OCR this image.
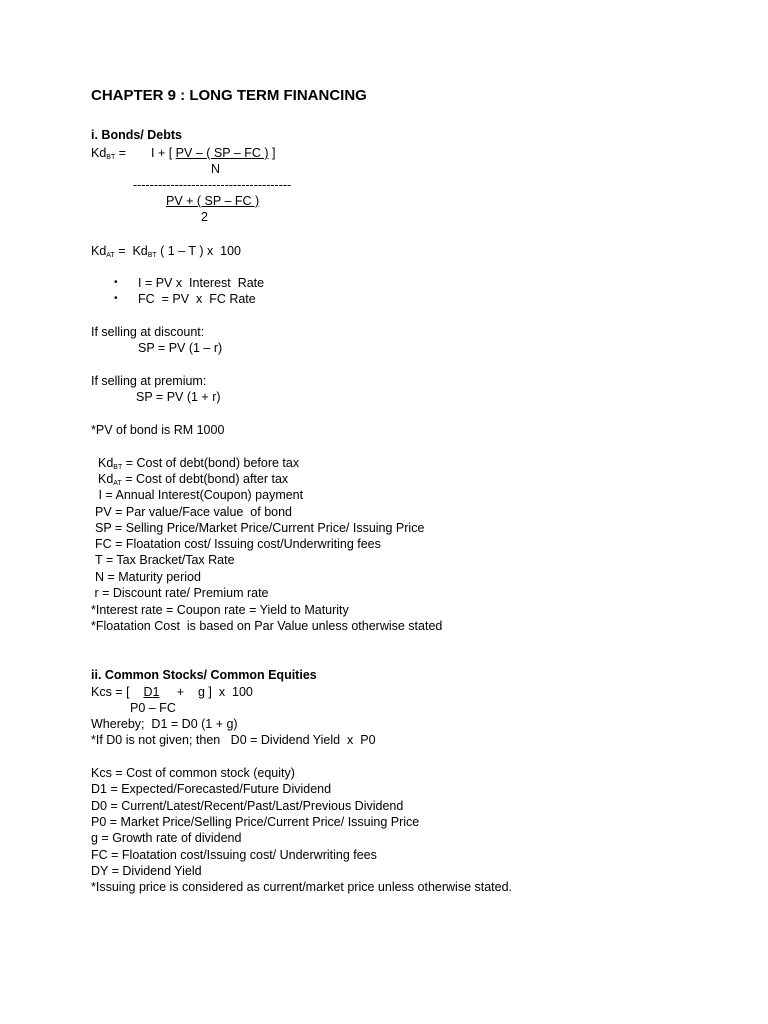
CHAPTER 9 : LONG TERM FINANCING
i. Bonds/ Debts
$Kd_{BT} = I$ + [ PV – ( SP – FC ) ]
N
--------------------------------------
PV + ( SP – FC )
2
$Kd_{AT} = Kd_{BT}$ ( 1 – T ) x  100
• I = PV x  Interest  Rate
• FC  = PV  x  FC Rate
If selling at discount:
SP = PV (1 – r)
If selling at premium:
SP = PV (1 + r)
*PV of bond is RM 1000
$Kd_{BT}$ = Cost of debt(bond) before tax
$Kd_{AT}$ = Cost of debt(bond) after tax
I = Annual Interest(Coupon) payment
PV = Par value/Face value  of bond
SP = Selling Price/Market Price/Current Price/ Issuing Price
FC = Floatation cost/ Issuing cost/Underwriting fees
T = Tax Bracket/Tax Rate
N = Maturity period
r = Discount rate/ Premium rate
*Interest rate = Coupon rate = Yield to Maturity
*Floatation Cost  is based on Par Value unless otherwise stated
ii. Common Stocks/ Common Equities
Kcs = [    D1     +    g ]  x  100
P0 – FC
Whereby;  D1 = D0 (1 + g)
*If D0 is not given; then   D0 = Dividend Yield  x  P0
Kcs = Cost of common stock (equity)
D1 = Expected/Forecasted/Future Dividend
D0 = Current/Latest/Recent/Past/Last/Previous Dividend
P0 = Market Price/Selling Price/Current Price/ Issuing Price
g = Growth rate of dividend
FC = Floatation cost/Issuing cost/ Underwriting fees
DY = Dividend Yield
*Issuing price is considered as current/market price unless otherwise stated.
